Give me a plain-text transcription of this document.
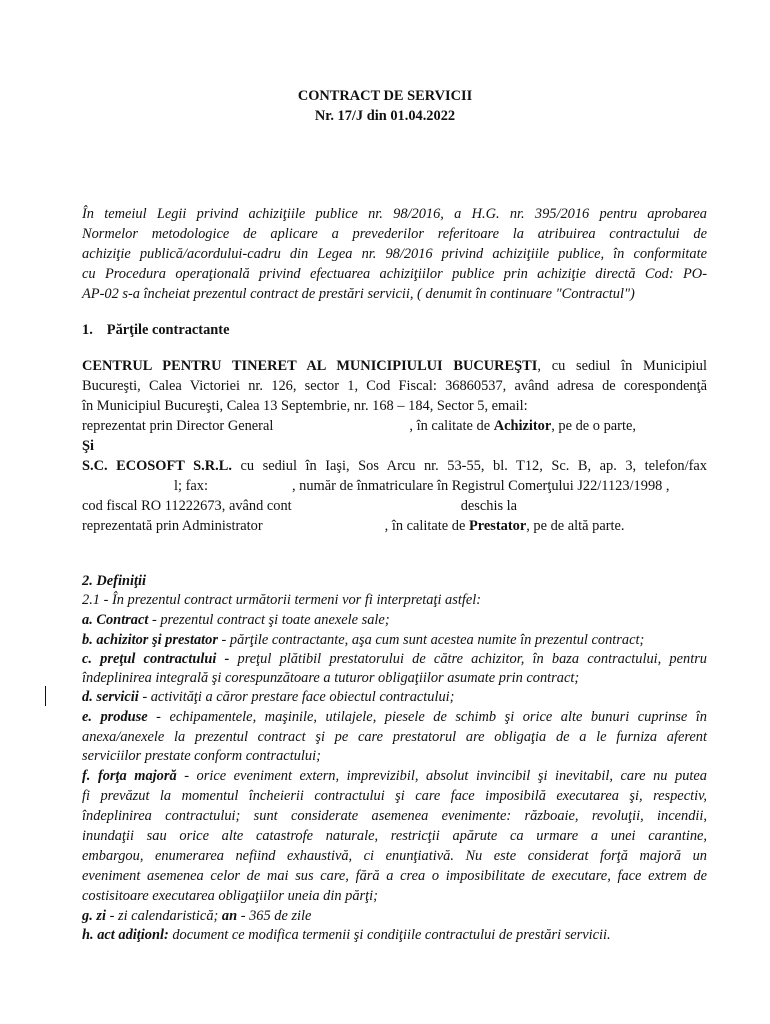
CONTRACT DE SERVICII
Nr. 17/J din 01.04.2022
În temeiul Legii privind achiziţiile publice nr. 98/2016, a H.G. nr. 395/2016 pentru aprobarea
Normelor metodologice de aplicare a prevederilor referitoare la atribuirea contractului de
achiziţie publică/acordului-cadru din Legea nr. 98/2016 privind achiziţiile publice, în conformitate
cu Procedura operaţională privind efectuarea achiziţiilor publice prin achiziţie directă Cod: PO-
AP-02 s-a încheiat prezentul contract de prestări servicii, ( denumit în continuare "Contractul")
1. Părţile contractante
CENTRUL PENTRU TINERET AL MUNICIPIULUI BUCUREŞTI, cu sediul în Municipiul
Bucureşti, Calea Victoriei nr. 126, sector 1, Cod Fiscal: 36860537, având adresa de corespondenţă
în Municipiul Bucureşti, Calea 13 Septembrie, nr. 168 – 184, Sector 5, email:
reprezentat prin Director General	, în calitate de Achizitor, pe de o parte,
Şi
S.C. ECOSOFT S.R.L. cu sediul în Iaşi, Sos Arcu nr. 53-55, bl. T12, Sc. B, ap. 3, telefon/fax
l; fax:	, număr de înmatriculare în Registrul Comerţului J22/1123/1998 ,
cod fiscal RO 11222673, având cont	deschis la
reprezentată prin Administrator	, în calitate de Prestator, pe de altă parte.
2. Definiţii
2.1 - În prezentul contract următorii termeni vor fi interpretaţi astfel:
a. Contract - prezentul contract şi toate anexele sale;
b. achizitor şi prestator - părţile contractante, aşa cum sunt acestea numite în prezentul contract;
c. preţul contractului - preţul plătibil prestatorului de către achizitor, în baza contractului, pentru
îndeplinirea integrală şi corespunzătoare a tuturor obligaţiilor asumate prin contract;
d. servicii - activităţi a căror prestare face obiectul contractului;
e. produse - echipamentele, maşinile, utilajele, piesele de schimb şi orice alte bunuri cuprinse în
anexa/anexele la prezentul contract şi pe care prestatorul are obligaţia de a le furniza aferent
serviciilor prestate conform contractului;
f. forţa majoră - orice eveniment extern, imprevizibil, absolut invincibil şi inevitabil, care nu putea
fi prevăzut la momentul încheierii contractului şi care face imposibilă executarea şi, respectiv,
îndeplinirea contractului; sunt considerate asemenea evenimente: războaie, revoluţii, incendii,
inundaţii sau orice alte catastrofe naturale, restricţii apărute ca urmare a unei carantine,
embargou, enumerarea nefiind exhaustivă, ci enunţiativă. Nu este considerat forţă majoră un
eveniment asemenea celor de mai sus care, fără a crea o imposibilitate de executare, face extrem de
costisitoare executarea obligaţiilor uneia din părţi;
g. zi - zi calendaristică; an - 365 de zile
h. act adiţionl: document ce modifica termenii şi condiţiile contractului de prestări servicii.
